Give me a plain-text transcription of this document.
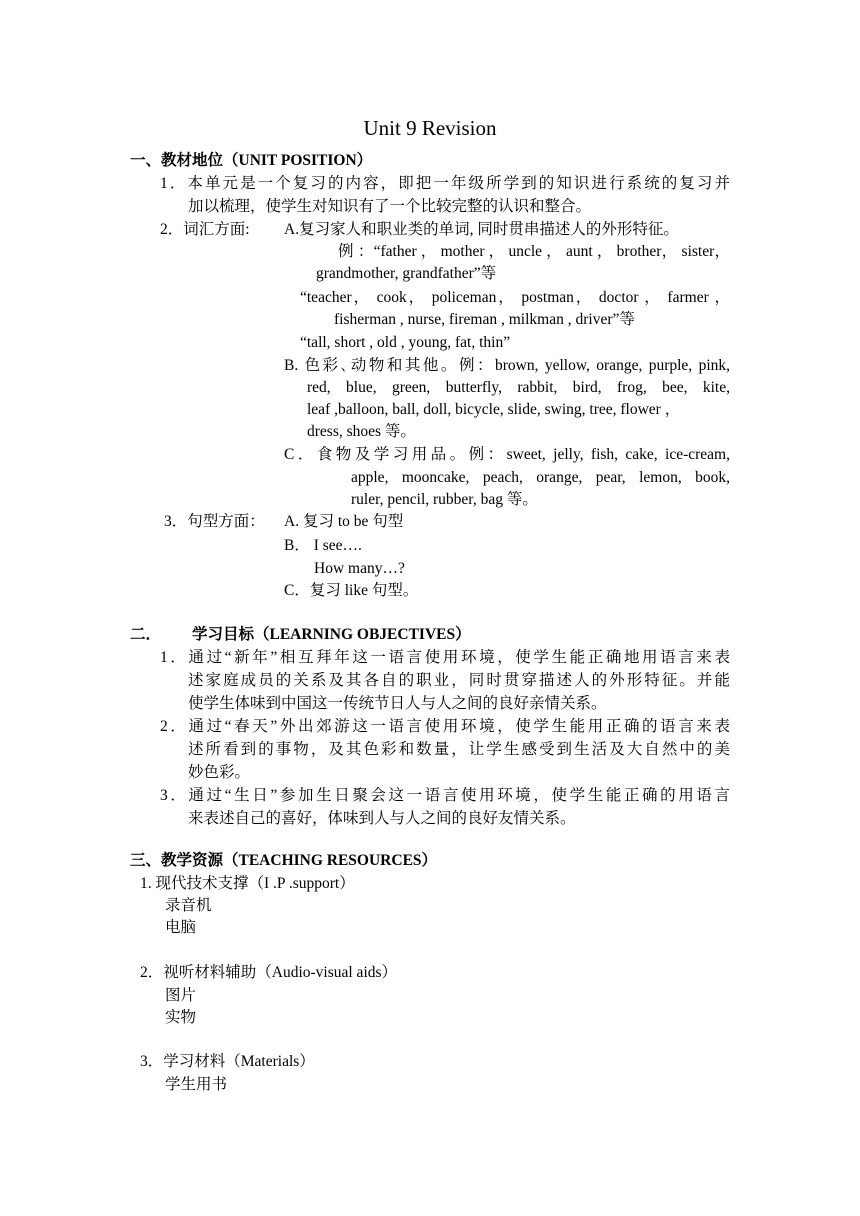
Unit 9 Revision
一、教材地位（UNIT POSITION）
1．本单元是一个复习的内容，即把一年级所学到的知识进行系统的复习并
加以梳理，使学生对知识有了一个比较完整的认识和整合。
2．词汇方面: A.复习家人和职业类的单词, 同时贯串描述人的外形特征。
例 ：“father ， mother ， uncle ， aunt ， brother， sister，
grandmother, grandfather”等
“teacher， cook， policeman， postman， doctor ， farmer ，
fisherman , nurse, fireman , milkman , driver”等
“tall, short , old , young, fat, thin”
B. 色彩､动物和其他。例：brown, yellow, orange, purple, pink,
red, blue, green, butterfly, rabbit, bird, frog, bee, kite,
leaf ,balloon, ball, doll, bicycle, slide, swing, tree, flower ，
dress, shoes 等。
C．食物及学习用品。例：sweet, jelly, fish, cake, ice-cream,
apple, mooncake, peach, orange, pear, lemon, book,
ruler, pencil, rubber, bag 等。
3．句型方面： A. 复习 to be 句型
B． I see….
How many…?
C．复习 like 句型。
二． 学习目标（LEARNING OBJECTIVES）
1．通过“新年”相互拜年这一语言使用环境，使学生能正确地用语言来表
述家庭成员的关系及其各自的职业，同时贯穿描述人的外形特征。并能
使学生体味到中国这一传统节日人与人之间的良好亲情关系。
2．通过“春天”外出郊游这一语言使用环境，使学生能用正确的语言来表
述所看到的事物，及其色彩和数量，让学生感受到生活及大自然中的美
妙色彩。
3．通过“生日”参加生日聚会这一语言使用环境，使学生能正确的用语言
来表述自己的喜好，体味到人与人之间的良好友情关系。
三、教学资源（TEACHING RESOURCES）
1. 现代技术支撑（I .P .support）
录音机
电脑
2．视听材料辅助（Audio-visual aids）
图片
实物
3．学习材料（Materials）
学生用书
